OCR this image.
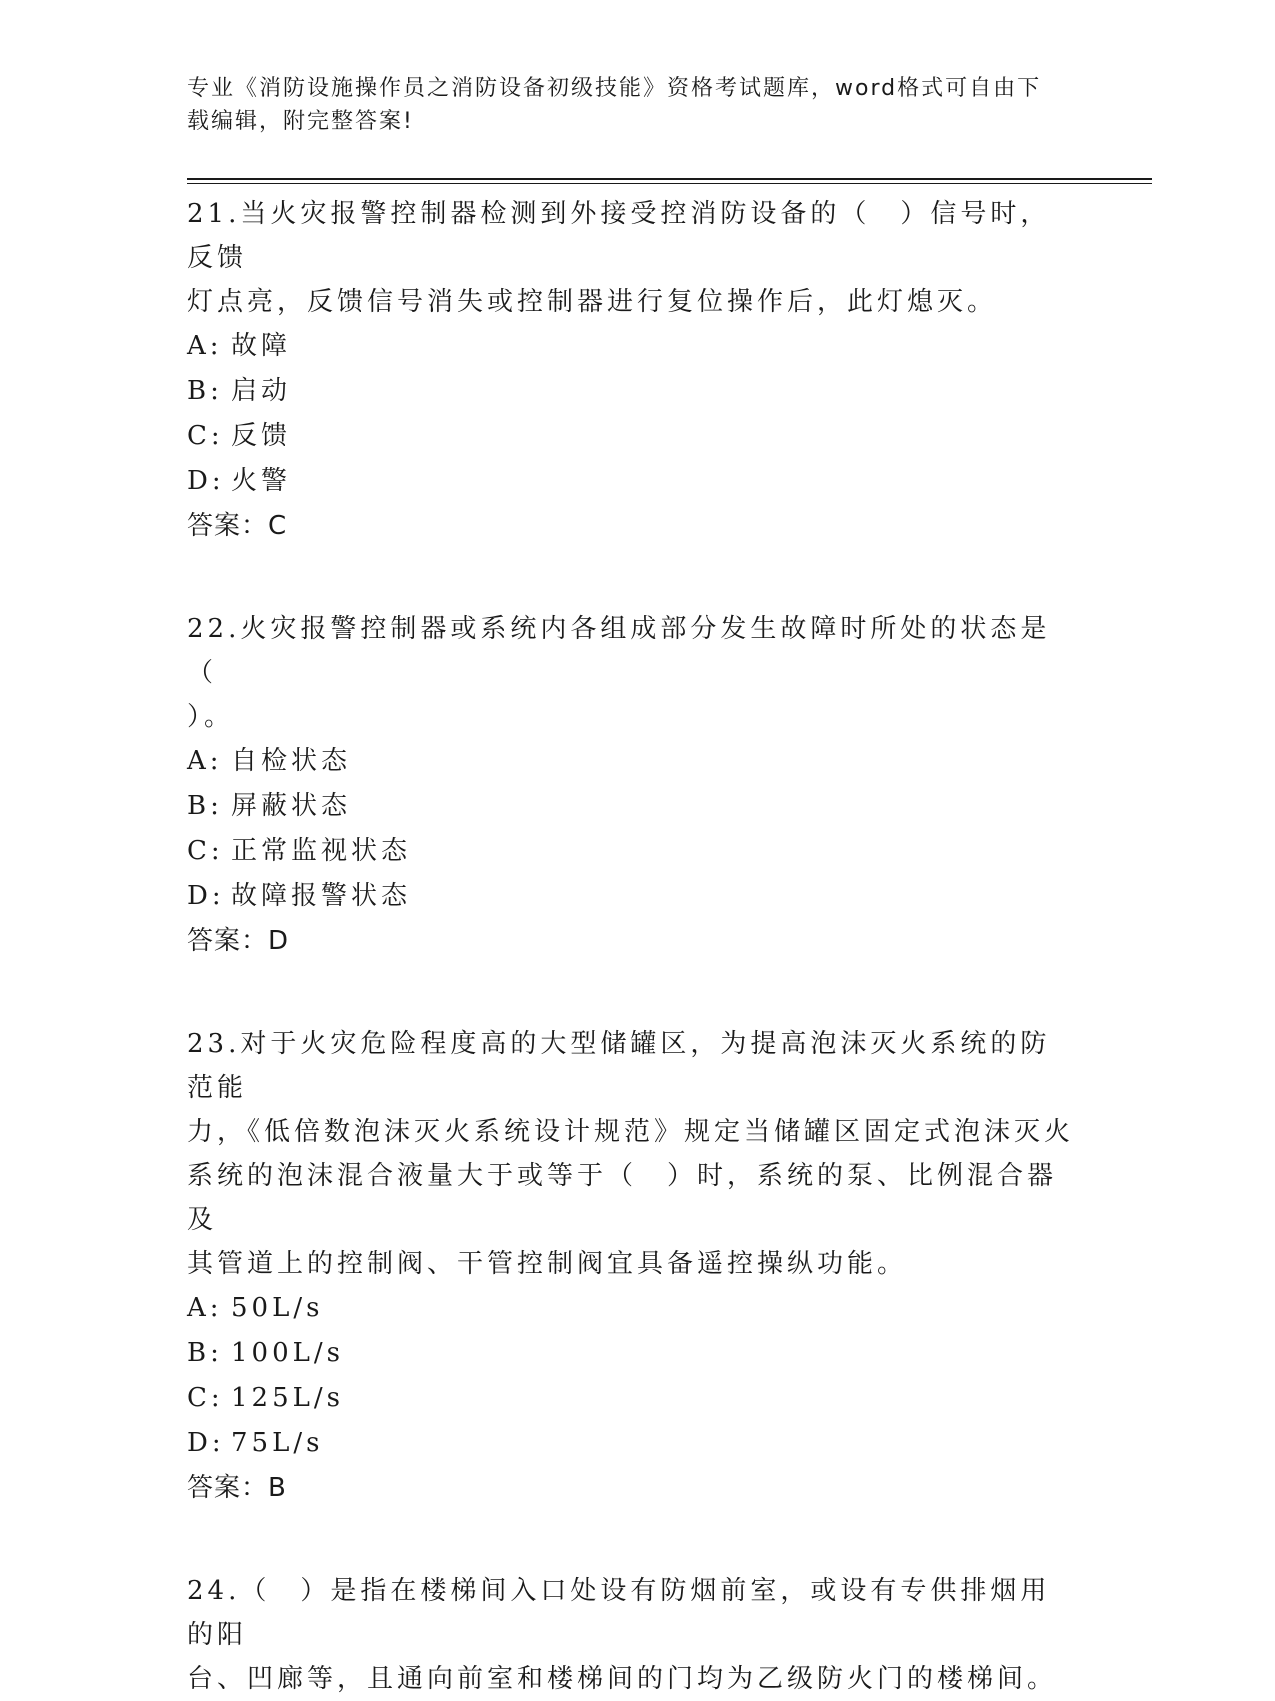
专业《消防设施操作员之消防设备初级技能》资格考试题库，word格式可自由下
载编辑，附完整答案!

21.当火灾报警控制器检测到外接受控消防设备的（　）信号时，反馈

灯点亮，反馈信号消失或控制器进行复位操作后，此灯熄灭。

A: 故障
B: 启动
C: 反馈
D: 火警

答案：C

22.火灾报警控制器或系统内各组成部分发生故障时所处的状态是（

）。

A: 自检状态
B: 屏蔽状态
C: 正常监视状态
D: 故障报警状态

答案：D

23.对于火灾危险程度高的大型储罐区，为提高泡沫灭火系统的防范能

力，《低倍数泡沫灭火系统设计规范》规定当储罐区固定式泡沫灭火

系统的泡沫混合液量大于或等于（　）时，系统的泵、比例混合器及

其管道上的控制阀、干管控制阀宜具备遥控操纵功能。

A: 50L/s
B: 100L/s
C: 125L/s
D: 75L/s

答案：B

24.（　）是指在楼梯间入口处设有防烟前室，或设有专供排烟用的阳

台、凹廊等，且通向前室和楼梯间的门均为乙级防火门的楼梯间。
